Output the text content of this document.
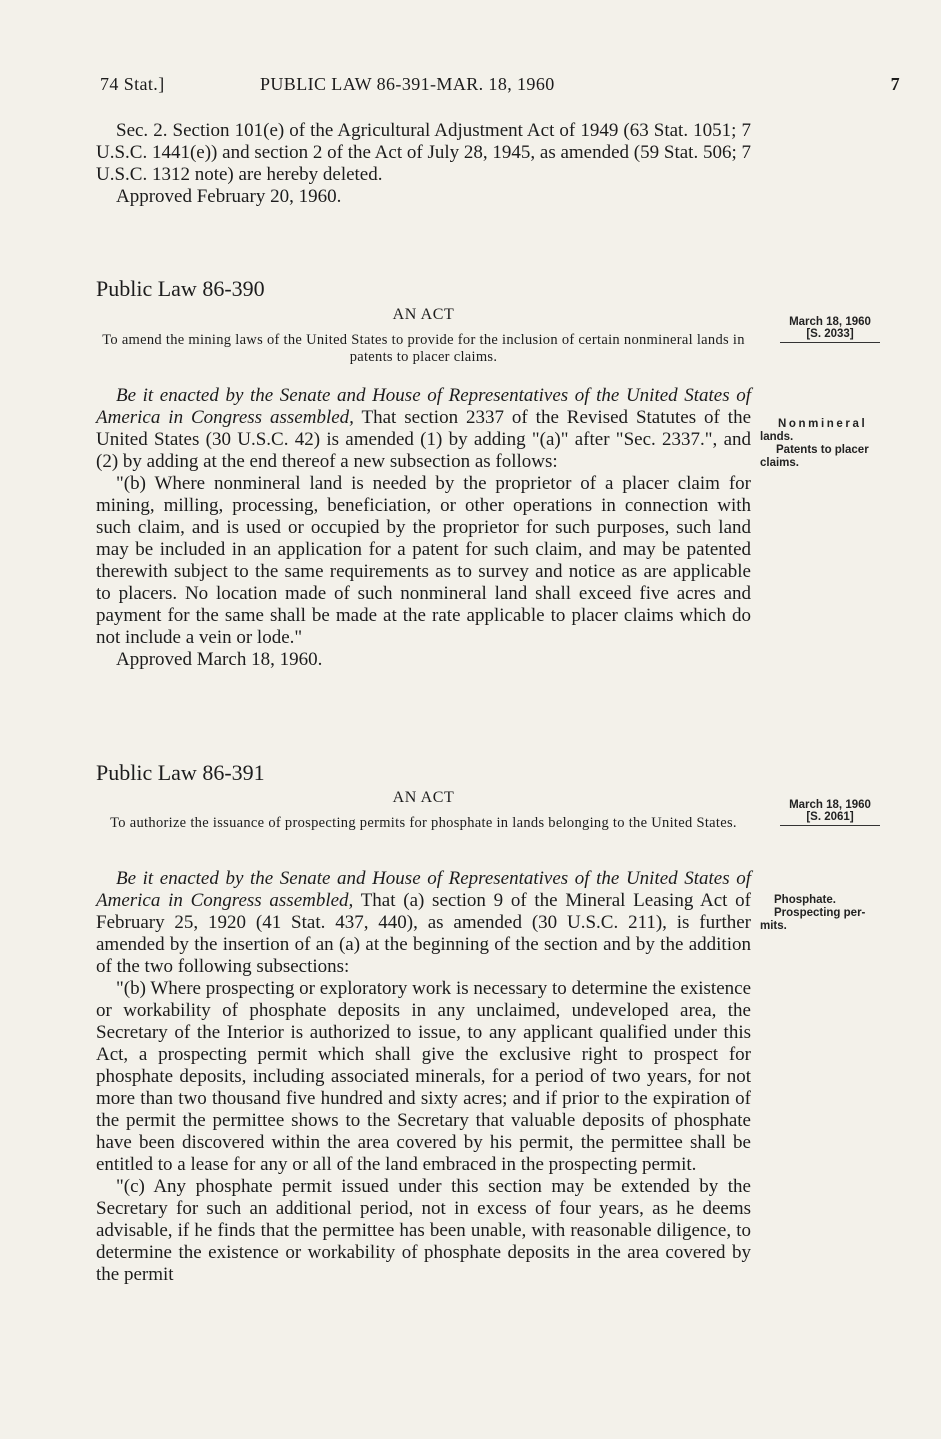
74 Stat.]	PUBLIC LAW 86-391-MAR. 18, 1960	7

Sec. 2. Section 101(e) of the Agricultural Adjustment Act of 1949 (63 Stat. 1051; 7 U.S.C. 1441(e)) and section 2 of the Act of July 28, 1945, as amended (59 Stat. 506; 7 U.S.C. 1312 note) are hereby deleted.

Approved February 20, 1960.

Public Law 86-390
AN ACT
To amend the mining laws of the United States to provide for the inclusion of certain nonmineral lands in patents to placer claims.
March 18, 1960
[S. 2033]

Be it enacted by the Senate and House of Representatives of the United States of America in Congress assembled, That section 2337 of the Revised Statutes of the United States (30 U.S.C. 42) is amended (1) by adding "(a)" after "Sec. 2337.", and (2) by adding at the end thereof a new subsection as follows:

"(b) Where nonmineral land is needed by the proprietor of a placer claim for mining, milling, processing, beneficiation, or other operations in connection with such claim, and is used or occupied by the proprietor for such purposes, such land may be included in an application for a patent for such claim, and may be patented therewith subject to the same requirements as to survey and notice as are applicable to placers. No location made of such nonmineral land shall exceed five acres and payment for the same shall be made at the rate applicable to placer claims which do not include a vein or lode."

Approved March 18, 1960.

Nonmineral
lands.
Patents to placer
claims.
Public Law 86-391
AN ACT
To authorize the issuance of prospecting permits for phosphate in lands belonging to the United States.
March 18, 1960
[S. 2061]

Be it enacted by the Senate and House of Representatives of the United States of America in Congress assembled, That (a) section 9 of the Mineral Leasing Act of February 25, 1920 (41 Stat. 437, 440), as amended (30 U.S.C. 211), is further amended by the insertion of an (a) at the beginning of the section and by the addition of the two following subsections:

"(b) Where prospecting or exploratory work is necessary to determine the existence or workability of phosphate deposits in any unclaimed, undeveloped area, the Secretary of the Interior is authorized to issue, to any applicant qualified under this Act, a prospecting permit which shall give the exclusive right to prospect for phosphate deposits, including associated minerals, for a period of two years, for not more than two thousand five hundred and sixty acres; and if prior to the expiration of the permit the permittee shows to the Secretary that valuable deposits of phosphate have been discovered within the area covered by his permit, the permittee shall be entitled to a lease for any or all of the land embraced in the prospecting permit.

"(c) Any phosphate permit issued under this section may be extended by the Secretary for such an additional period, not in excess of four years, as he deems advisable, if he finds that the permittee has been unable, with reasonable diligence, to determine the existence or workability of phosphate deposits in the area covered by the permit

Phosphate.
Prospecting per-
mits.
